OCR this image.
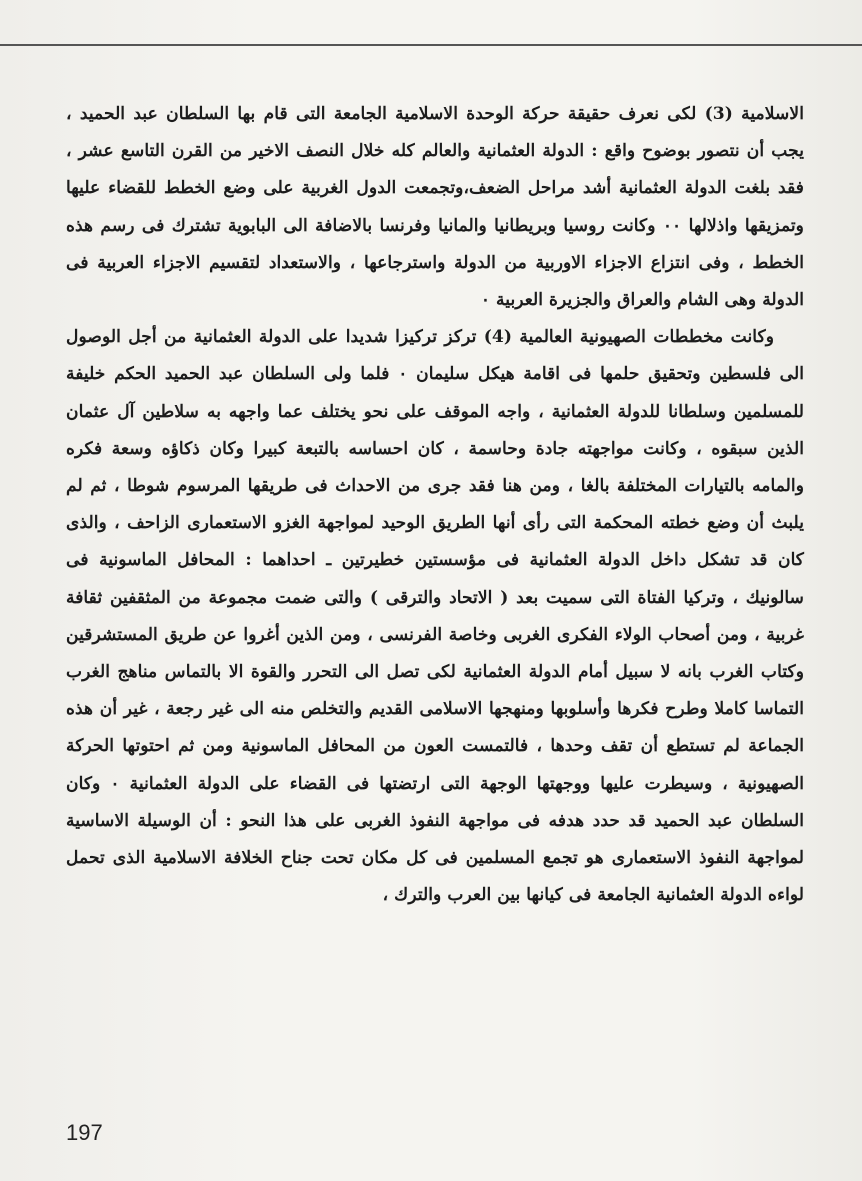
الاسلامية (3) لكى نعرف حقيقة حركة الوحدة الاسلامية الجامعة التى قام بها السلطان عبد الحميد ، يجب أن نتصور بوضوح واقع : الدولة العثمانية والعالم كله خلال النصف الاخير من القرن التاسع عشر ، فقد بلغت الدولة العثمانية أشد مراحل الضعف،وتجمعت الدول الغربية على وضع الخطط للقضاء عليها وتمزيقها واذلالها ٠٠ وكانت روسيا وبريطانيا والمانيا وفرنسا بالاضافة الى البابوية تشترك فى رسم هذه الخطط ، وفى انتزاع الاجزاء الاوربية من الدولة واسترجاعها ، والاستعداد لتقسيم الاجزاء العربية فى الدولة وهى الشام والعراق والجزيرة العربية ٠

وكانت مخططات الصهيونية العالمية (4) تركز تركيزا شديدا على الدولة العثمانية من أجل الوصول الى فلسطين وتحقيق حلمها فى اقامة هيكل سليمان ٠ فلما ولى السلطان عبد الحميد الحكم خليفة للمسلمين وسلطانا للدولة العثمانية ، واجه الموقف على نحو يختلف عما واجهه به سلاطين آل عثمان الذين سبقوه ، وكانت مواجهته جادة وحاسمة ، كان احساسه بالتبعة كبيرا وكان ذكاؤه وسعة فكره والمامه بالتيارات المختلفة بالغا ، ومن هنا فقد جرى من الاحداث فى طريقها المرسوم شوطا ، ثم لم يلبث أن وضع خطته المحكمة التى رأى أنها الطريق الوحيد لمواجهة الغزو الاستعمارى الزاحف ، والذى كان قد تشكل داخل الدولة العثمانية فى مؤسستين خطيرتين ـ احداهما : المحافل الماسونية فى سالونيك ، وتركيا الفتاة التى سميت بعد ( الاتحاد والترقى ) والتى ضمت مجموعة من المثقفين ثقافة غربية ، ومن أصحاب الولاء الفكرى الغربى وخاصة الفرنسى ، ومن الذين أغروا عن طريق المستشرقين وكتاب الغرب بانه لا سبيل أمام الدولة العثمانية لكى تصل الى التحرر والقوة الا بالتماس مناهج الغرب التماسا كاملا وطرح فكرها وأسلوبها ومنهجها الاسلامى القديم والتخلص منه الى غير رجعة ، غير أن هذه الجماعة لم تستطع أن تقف وحدها ، فالتمست العون من المحافل الماسونية ومن ثم احتوتها الحركة الصهيونية ، وسيطرت عليها ووجهتها الوجهة التى ارتضتها فى القضاء على الدولة العثمانية ٠ وكان السلطان عبد الحميد قد حدد هدفه فى مواجهة النفوذ الغربى على هذا النحو : أن الوسيلة الاساسية لمواجهة النفوذ الاستعمارى هو تجمع المسلمين فى كل مكان تحت جناح الخلافة الاسلامية الذى تحمل لواءه الدولة العثمانية الجامعة فى كيانها بين العرب والترك ،

197
